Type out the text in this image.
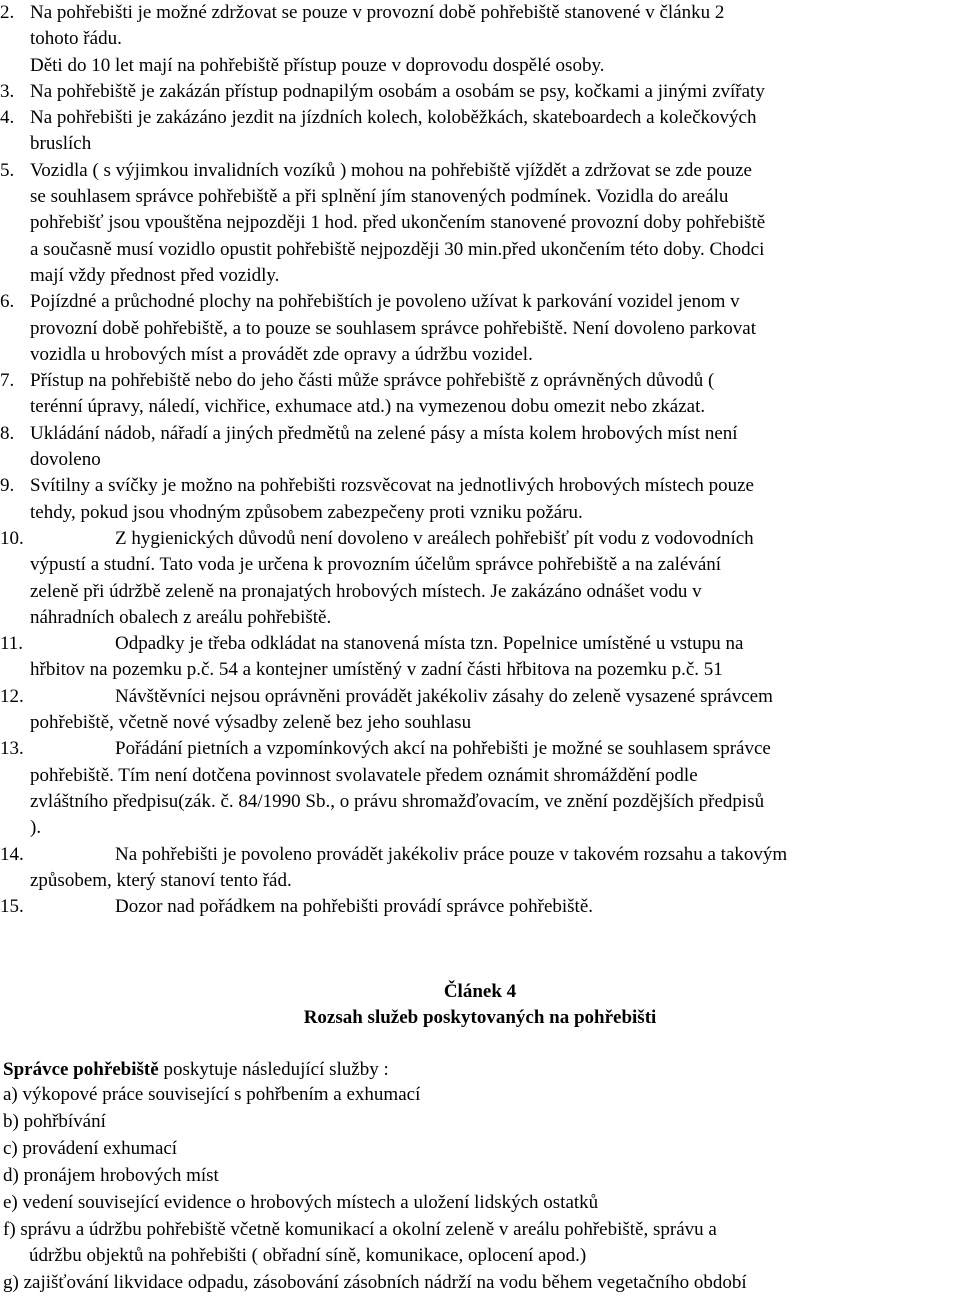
2. Na pohřebišti je možné zdržovat se pouze v provozní době pohřebiště stanovené v článku 2
tohoto řádu.
Děti do 10 let mají na pohřebiště přístup pouze v doprovodu dospělé osoby.
3. Na pohřebiště je zakázán přístup podnapilým osobám a osobám se psy, kočkami a jinými zvířaty
4. Na pohřebišti je zakázáno jezdit na jízdních kolech, koloběžkách, skateboardech a kolečkových
bruslích
5. Vozidla ( s výjimkou invalidních vozíků ) mohou na pohřebiště vjíždět a zdržovat se zde pouze
se souhlasem správce pohřebiště a při splnění jím stanovených podmínek. Vozidla do areálu
pohřebišť jsou vpouštěna nejpozději 1 hod. před ukončením stanovené provozní doby pohřebiště
a současně musí vozidlo opustit pohřebiště nejpozději 30 min.před ukončením této doby. Chodci
mají vždy přednost před vozidly.
6. Pojízdné a průchodné plochy na pohřebištích je povoleno užívat k parkování vozidel jenom v
provozní době pohřebiště, a to pouze se souhlasem správce pohřebiště. Není dovoleno parkovat
vozidla u hrobových míst a provádět zde opravy a údržbu vozidel.
7. Přístup na pohřebiště nebo do jeho části může správce pohřebiště z oprávněných důvodů (
terénní úpravy, náledí, vichřice, exhumace atd.) na vymezenou dobu omezit nebo zkázat.
8. Ukládání nádob, nářadí a jiných předmětů na zelené pásy a místa kolem hrobových míst není
dovoleno
9. Svítilny a svíčky je možno na pohřebišti rozsvěcovat na jednotlivých hrobových místech pouze
tehdy, pokud jsou vhodným způsobem zabezpečeny proti vzniku požáru.
10.	Z hygienických důvodů není dovoleno v areálech pohřebišť pít vodu z vodovodních
výpustí a studní. Tato voda je určena k provozním účelům správce pohřebiště a na zalévání
zeleně při údržbě zeleně na pronajatých hrobových místech. Je zakázáno odnášet vodu v
náhradních obalech z areálu pohřebiště.
11.	Odpadky je třeba odkládat na stanovená místa tzn. Popelnice umístěné u vstupu na
hřbitov na pozemku p.č. 54 a kontejner umístěný v zadní části hřbitova na pozemku p.č. 51
12.	Návštěvníci nejsou oprávněni provádět jakékoliv zásahy do zeleně vysazené správcem
pohřebiště, včetně nové výsadby zeleně bez jeho souhlasu
13.	Pořádání pietních a vzpomínkových akcí na pohřebišti je možné se souhlasem správce
pohřebiště. Tím není dotčena povinnost svolavatele předem oznámit shromáždění podle
zvláštního předpisu(zák. č. 84/1990 Sb., o právu shromažďovacím, ve znění pozdějších předpisů
).
14.	Na pohřebišti je povoleno provádět jakékoliv práce pouze v takovém rozsahu a takovým
způsobem, který stanoví tento řád.
15.	Dozor nad pořádkem na pohřebišti provádí správce pohřebiště.
Článek 4
Rozsah služeb poskytovaných na pohřebišti
Správce pohřebiště poskytuje následující služby :
a) výkopové práce související s pohřbením a exhumací
b) pohřbívání
c) provádení exhumací
d) pronájem hrobových míst
e) vedení související evidence o hrobových místech a uložení lidských ostatků
f) správu a údržbu pohřebiště včetně komunikací a okolní zeleně v areálu pohřebiště, správu a
údržbu objektů na pohřebišti ( obřadní síně, komunikace, oplocení apod.)
g) zajišťování likvidace odpadu, zásobování zásobních nádrží na vodu během vegetačního období
